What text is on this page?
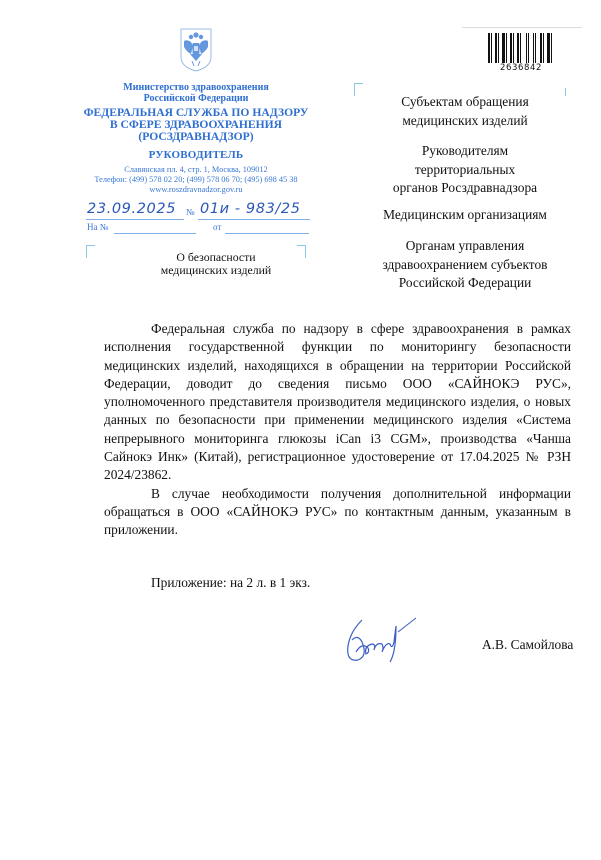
2636842
Министерство здравоохранения
Российской Федерации
ФЕДЕРАЛЬНАЯ СЛУЖБА ПО НАДЗОРУ
В СФЕРЕ ЗДРАВООХРАНЕНИЯ
(РОСЗДРАВНАДЗОР)
РУКОВОДИТЕЛЬ
Славянская пл. 4, стр. 1, Москва, 109012
Телефон: (499) 578 02 20; (499) 578 06 70; (495) 698 45 38
www.roszdravnadzor.gov.ru
23.09.2025 № 01и - 983/25
На №	от
О безопасности
медицинских изделий
Субъектам обращения
медицинских изделий
Руководителям
территориальных
органов Росздравнадзора
Медицинским организациям
Органам управления
здравоохранением субъектов
Российской Федерации

Федеральная служба по надзору в сфере здравоохранения в рамках исполнения государственной функции по мониторингу безопасности медицинских изделий, находящихся в обращении на территории Российской Федерации, доводит до сведения письмо ООО «САЙНОКЭ РУС», уполномоченного представителя производителя медицинского изделия, о новых данных по безопасности при применении медицинского изделия «Система непрерывного мониторинга глюкозы iCan i3 CGM», производства «Чанша Сайнокэ Инк» (Китай), регистрационное удостоверение от 17.04.2025 № РЗН 2024/23862.

В случае необходимости получения дополнительной информации обращаться в ООО «САЙНОКЭ РУС» по контактным данным, указанным в приложении.

Приложение: на 2 л. в 1 экз.
А.В. Самойлова
